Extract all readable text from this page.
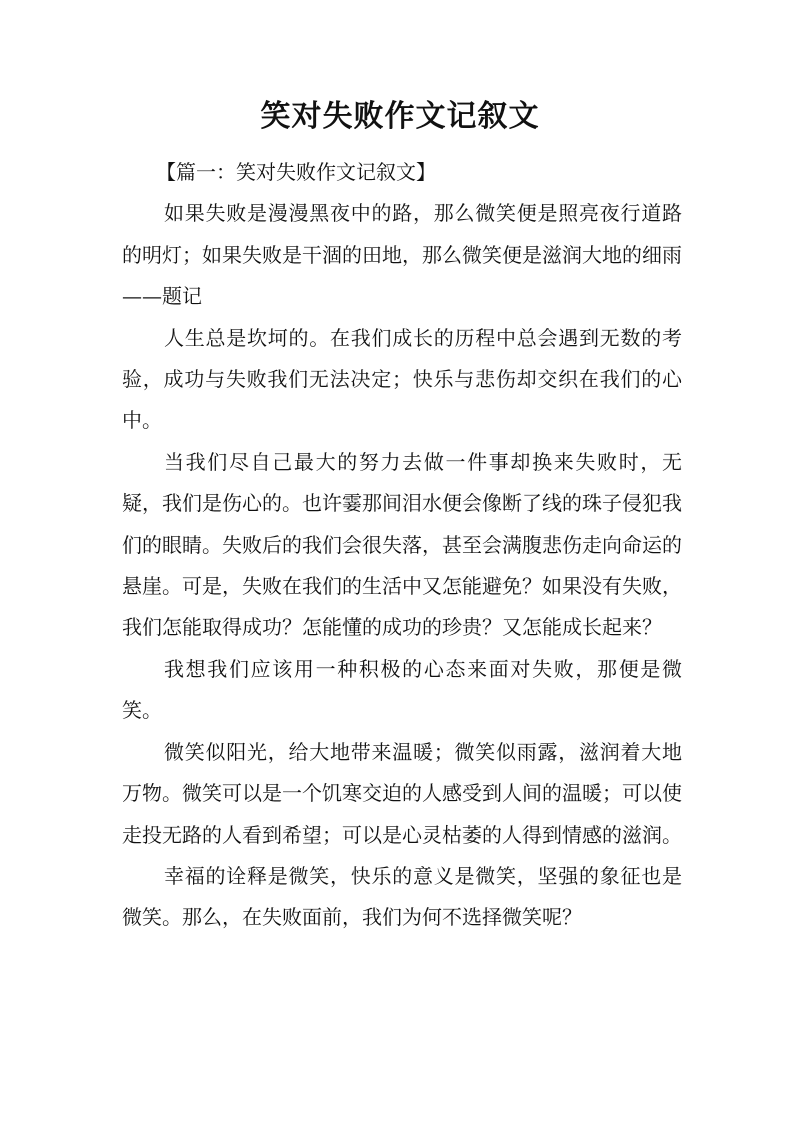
笑对失败作文记叙文

【篇一：笑对失败作文记叙文】

如果失败是漫漫黑夜中的路，那么微笑便是照亮夜行道路的明灯；如果失败是干涸的田地，那么微笑便是滋润大地的细雨——题记

人生总是坎坷的。在我们成长的历程中总会遇到无数的考验，成功与失败我们无法决定；快乐与悲伤却交织在我们的心中。

当我们尽自己最大的努力去做一件事却换来失败时，无疑，我们是伤心的。也许霎那间泪水便会像断了线的珠子侵犯我们的眼睛。失败后的我们会很失落，甚至会满腹悲伤走向命运的悬崖。可是，失败在我们的生活中又怎能避免？如果没有失败，我们怎能取得成功？怎能懂的成功的珍贵？又怎能成长起来？

我想我们应该用一种积极的心态来面对失败，那便是微笑。

微笑似阳光，给大地带来温暖；微笑似雨露，滋润着大地万物。微笑可以是一个饥寒交迫的人感受到人间的温暖；可以使走投无路的人看到希望；可以是心灵枯萎的人得到情感的滋润。

幸福的诠释是微笑，快乐的意义是微笑，坚强的象征也是微笑。那么，在失败面前，我们为何不选择微笑呢？
